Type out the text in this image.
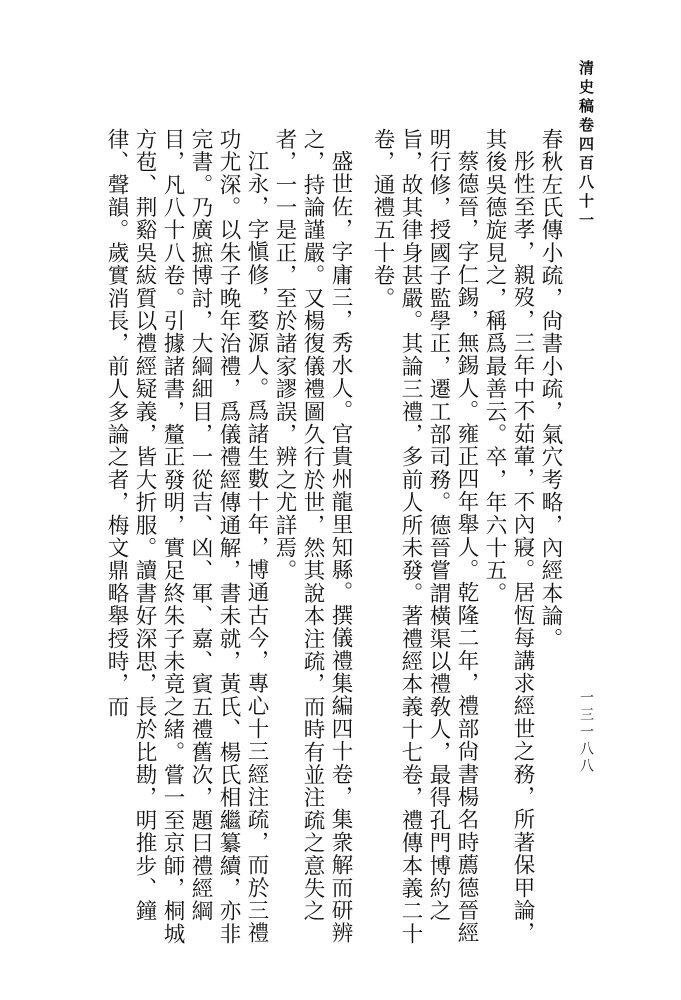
清史稿卷四百八十一
一三一八八

春秋左氏傳小疏，尙書小疏，氣穴考略，內經本論。

彤性至孝，親歿，三年中不茹葷，不內寢。居恆每講求經世之務，所著保甲論，其後吳德旋見之，稱爲最善云。卒，年六十五。

蔡德晉，字仁錫，無錫人。雍正四年舉人。乾隆二年，禮部尙書楊名時薦德晉經明行修，授國子監學正，遷工部司務。德晉嘗謂橫渠以禮敎人，最得孔門博約之旨，故其律身甚嚴。其論三禮，多前人所未發。著禮經本義十七卷，禮傳本義二十卷，通禮五十卷。

盛世佐，字庸三，秀水人。官貴州龍里知縣。撰儀禮集編四十卷，集衆解而研辨之，持論謹嚴。又楊復儀禮圖久行於世，然其說本注疏，而時有並注疏之意失之者，一一是正，至於諸家謬誤，辨之尤詳焉。

江永，字愼修，婺源人。爲諸生數十年，博通古今，專心十三經注疏，而於三禮功尤深。以朱子晚年治禮，爲儀禮經傳通解，書未就，黃氏、楊氏相繼纂續，亦非完書。乃廣摭博討，大綱細目，一從吉、凶、軍、嘉、賓五禮舊次，題曰禮經綱目，凡八十八卷。引據諸書，釐正發明，實足終朱子未竟之緒。嘗一至京師，桐城方苞、荆谿吳紱質以禮經疑義，皆大折服。讀書好深思，長於比勘，明推步、鐘律、聲韻。歲實消長，前人多論之者，梅文鼎略舉授時，而
